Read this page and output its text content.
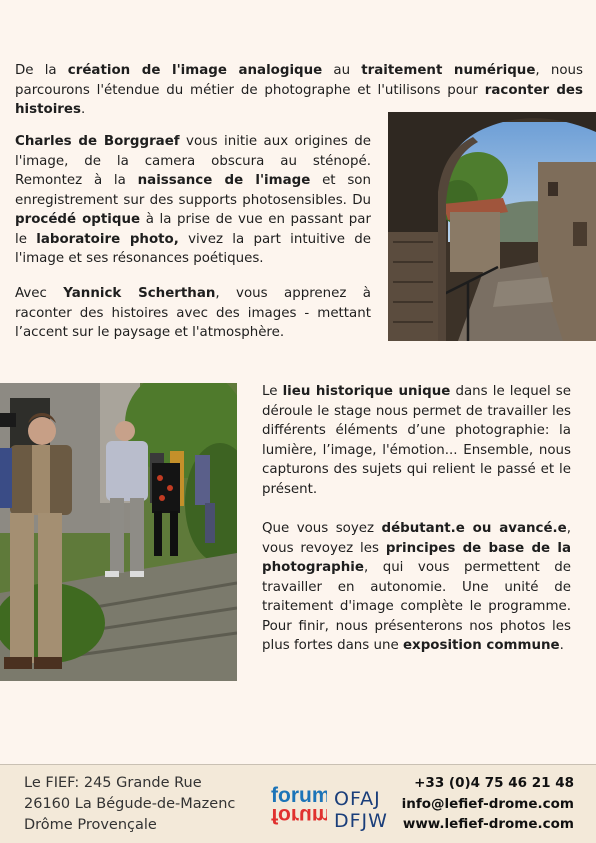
De la création de l'image analogique au traitement numérique, nous parcourons l'étendue du métier de photographe et l'utilisons pour raconter des histoires.

Charles de Borggraef vous initie aux origines de l'image, de la camera obscura au sténopé. Remontez à la naissance de l'image et son enregistrement sur des supports photosensibles. Du procédé optique à la prise de vue en passant par le laboratoire photo, vivez la part intuitive de l'image et ses résonances poétiques.

Avec Yannick Scherthan, vous apprenez à raconter des histoires avec des images - mettant l’accent sur le paysage et l'atmosphère.

Le lieu historique unique dans le lequel se déroule le stage nous permet de travailler les différents éléments d’une photographie: la lumière, l’image, l'émotion... Ensemble, nous capturons des sujets qui relient le passé et le présent.

Que vous soyez débutant.e ou avancé.e, vous revoyez les principes de base de la photographie, qui vous permettent de travailler en autonomie. Une unité de traitement d'image complète le programme. Pour finir, nous présenterons nos photos les plus fortes dans une exposition commune.

Le FIEF: 245 Grande Rue
26160 La Bégude-de-Mazenc
Drôme Provençale
forum
forum
OFAJ
DFJW
+33 (0)4 75 46 21 48
info@lefief-drome.com
www.lefief-drome.com
